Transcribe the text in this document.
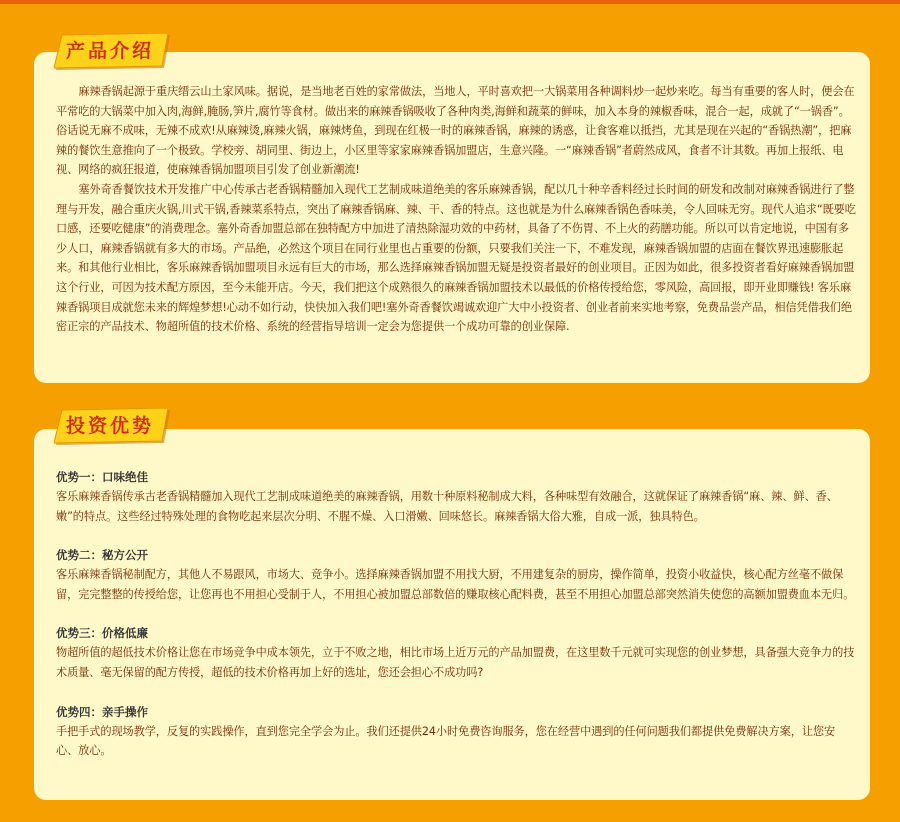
麻辣香锅起源于重庆缙云山土家风味。据说，是当地老百姓的家常做法，当地人，平时喜欢把一大锅菜用各种调料炒一起炒来吃。每当有重要的客人时，便会在平常吃的大锅菜中加入肉,海鲜,腌肠,笋片,腐竹等食材。做出来的麻辣香锅吸收了各种肉类,海鲜和蔬菜的鲜味，加入本身的辣椒香味，混合一起，成就了“一锅香”。俗话说无麻不成味，无辣不成欢!从麻辣烫,麻辣火锅，麻辣烤鱼，到现在红极一时的麻辣香锅，麻辣的诱惑，让食客难以抵挡，尤其是现在兴起的“香锅热潮”，把麻辣的餐饮生意推向了一个极致。学校旁、胡同里、街边上，小区里等家家麻辣香锅加盟店，生意兴隆。一“麻辣香锅”者蔚然成风，食者不计其数。再加上报纸、电视、网络的疯狂报道，使麻辣香锅加盟项目引发了创业新潮流!

塞外奇香餐饮技术开发推广中心传承古老香锅精髓加入现代工艺制成味道绝美的客乐麻辣香锅，配以几十种辛香料经过长时间的研发和改制对麻辣香锅进行了整理与开发，融合重庆火锅,川式干锅,香辣菜系特点，突出了麻辣香锅麻、辣、干、香的特点。这也就是为什么麻辣香锅色香味美，令人回味无穷。现代人追求“既要吃口感，还要吃健康”的消费理念。塞外奇香加盟总部在独特配方中加进了清热除湿功效的中药材，具备了不伤胃、不上火的药膳功能。所以可以肯定地说，中国有多少人口，麻辣香锅就有多大的市场。产品绝，必然这个项目在同行业里也占重要的份额，只要我们关注一下，不难发现，麻辣香锅加盟的店面在餐饮界迅速膨胀起来。和其他行业相比，客乐麻辣香锅加盟项目永远有巨大的市场，那么选择麻辣香锅加盟无疑是投资者最好的创业项目。正因为如此，很多投资者看好麻辣香锅加盟这个行业，可因为技术配方原因，至今未能开店。今天，我们把这个成熟很久的麻辣香锅加盟技术以最低的价格传授给您，零风险，高回报，即开业即赚钱! 客乐麻辣香锅项目成就您未来的辉煌梦想!心动不如行动，快快加入我们吧!塞外奇香餐饮竭诚欢迎广大中小投资者、创业者前来实地考察，免费品尝产品，相信凭借我们绝密正宗的产品技术、物超所值的技术价格、系统的经营指导培训一定会为您提供一个成功可靠的创业保障.

产品介绍

优势一：口味绝佳

客乐麻辣香锅传承古老香锅精髓加入现代工艺制成味道绝美的麻辣香锅，用数十种原料秘制成大料，各种味型有效融合，这就保证了麻辣香锅“麻、辣、鲜、香、嫩”的特点。这些经过特殊处理的食物吃起来层次分明、不腥不燥、入口滑嫩、回味悠长。麻辣香锅大俗大雅，自成一派，独具特色。

优势二：秘方公开

客乐麻辣香锅秘制配方，其他人不易跟风，市场大、竞争小。选择麻辣香锅加盟不用找大厨，不用建复杂的厨房，操作简单，投资小收益快，核心配方丝毫不做保留，完完整整的传授给您，让您再也不用担心受制于人，不用担心被加盟总部数倍的赚取核心配料费，甚至不用担心加盟总部突然消失使您的高额加盟费血本无归。

优势三：价格低廉

物超所值的超低技术价格让您在市场竞争中成本领先，立于不败之地，相比市场上近万元的产品加盟费，在这里数千元就可实现您的创业梦想，具备强大竞争力的技术质量、毫无保留的配方传授，超低的技术价格再加上好的选址，您还会担心不成功吗?

优势四：亲手操作

手把手式的现场教学，反复的实践操作，直到您完全学会为止。我们还提供24小时免费咨询服务，您在经营中遇到的任何问题我们都提供免费解决方案，让您安心、放心。

投资优势
